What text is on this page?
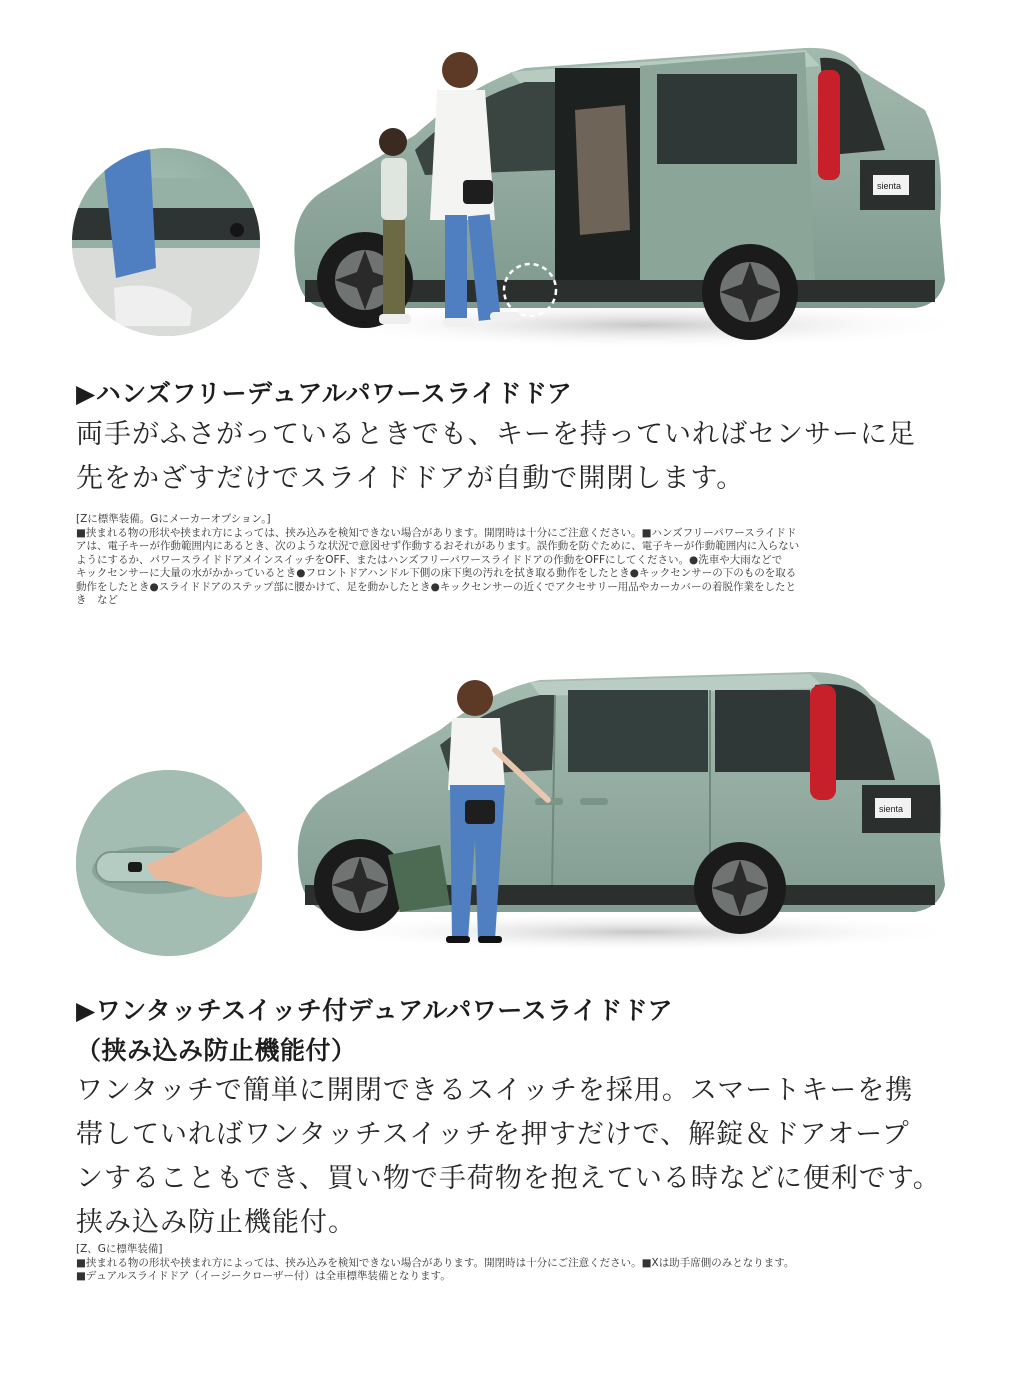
sienta
▶ハンズフリーデュアルパワースライドドア
両手がふさがっているときでも、キーを持っていればセンサーに足
先をかざすだけでスライドドアが自動で開閉します。
[Zに標準装備。Gにメーカーオプション。]
■挟まれる物の形状や挟まれ方によっては、挟み込みを検知できない場合があります。開閉時は十分にご注意ください。■ハンズフリーパワースライドド
アは、電子キーが作動範囲内にあるとき、次のような状況で意図せず作動するおそれがあります。誤作動を防ぐために、電子キーが作動範囲内に入らない
ようにするか、パワースライドドアメインスイッチをOFF、またはハンズフリーパワースライドドアの作動をOFFにしてください。●洗車や大雨などで
キックセンサーに大量の水がかかっているとき●フロントドアハンドル下側の床下奥の汚れを拭き取る動作をしたとき●キックセンサーの下のものを取る
動作をしたとき●スライドドアのステップ部に腰かけて、足を動かしたとき●キックセンサーの近くでアクセサリー用品やカーカバーの着脱作業をしたと
き　など
sienta
▶ワンタッチスイッチ付デュアルパワースライドドア
（挟み込み防止機能付）
ワンタッチで簡単に開閉できるスイッチを採用。スマートキーを携
帯していればワンタッチスイッチを押すだけで、解錠＆ドアオープ
ンすることもでき、買い物で手荷物を抱えている時などに便利です。
挟み込み防止機能付。
[Z、Gに標準装備]
■挟まれる物の形状や挟まれ方によっては、挟み込みを検知できない場合があります。開閉時は十分にご注意ください。■Xは助手席側のみとなります。
■デュアルスライドドア（イージークローザー付）は全車標準装備となります。
